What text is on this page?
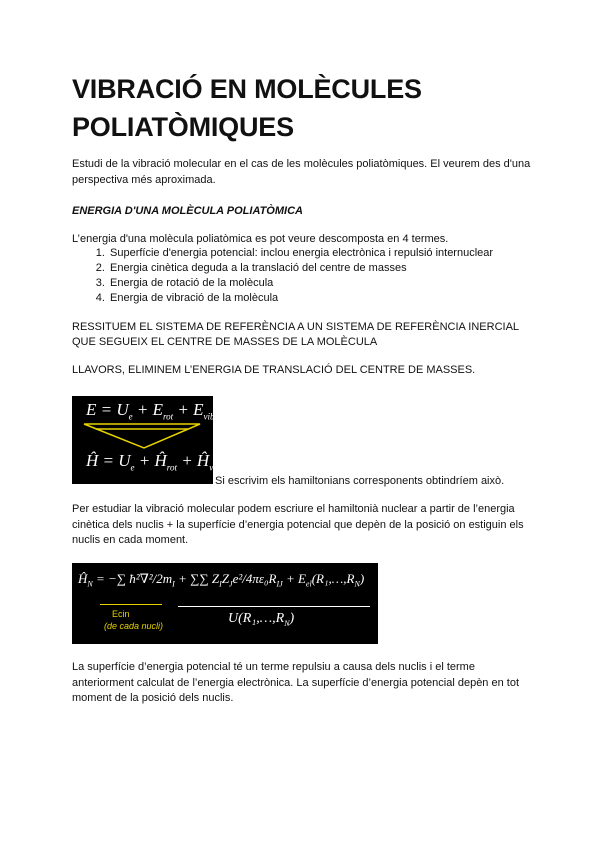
VIBRACIÓ EN MOLÈCULES POLIATÒMIQUES

Estudi de la vibració molecular en el cas de les molècules poliatòmiques. El veurem des d'una perspectiva més aproximada.

ENERGIA D'UNA MOLÈCULA POLIATÒMICA

L’energia d'una molècula poliatòmica es pot veure descomposta en 4 termes.

1. Superfície d'energia potencial: inclou energia electrònica i repulsió internuclear
2. Energia cinètica deguda a la translació del centre de masses
3. Energia de rotació de la molècula
4. Energia de vibració de la molècula

RESSITUEM EL SISTEMA DE REFERÈNCIA A UN SISTEMA DE REFERÈNCIA INERCIAL QUE SEGUEIX EL CENTRE DE MASSES DE LA MOLÈCULA

LLAVORS, ELIMINEM L’ENERGIA DE TRANSLACIÓ DEL CENTRE DE MASSES.

$E = U_e + E_{rot} + E_{vib}$
Ĥ = $U_e$ + $Ĥ_{rot}$ + $Ĥ_{vib}$

Si escrivim els hamiltonians corresponents obtindríem això.

Per estudiar la vibració molecular podem escriure el hamiltonià nuclear a partir de l’energia cinètica dels nuclis + la superfície d’energia potencial que depèn de la posició on estiguin els nuclis en cada moment.

$Ĥ_N$ = −∑ $ħ^2\nabla^2/2m_I$ + ∑∑ $Z_IZ_Je^2/4\pi\varepsilon_0R_{IJ}$ + $E_{el}(R_1,\dots,R_N)$
Ecin
(de cada nucli)	$U(R_1,\dots,R_N)$

La superfície d’energia potencial té un terme repulsiu a causa dels nuclis i el terme anteriorment calculat de l’energia electrònica. La superfície d’energia potencial depèn en tot moment de la posició dels nuclis.
